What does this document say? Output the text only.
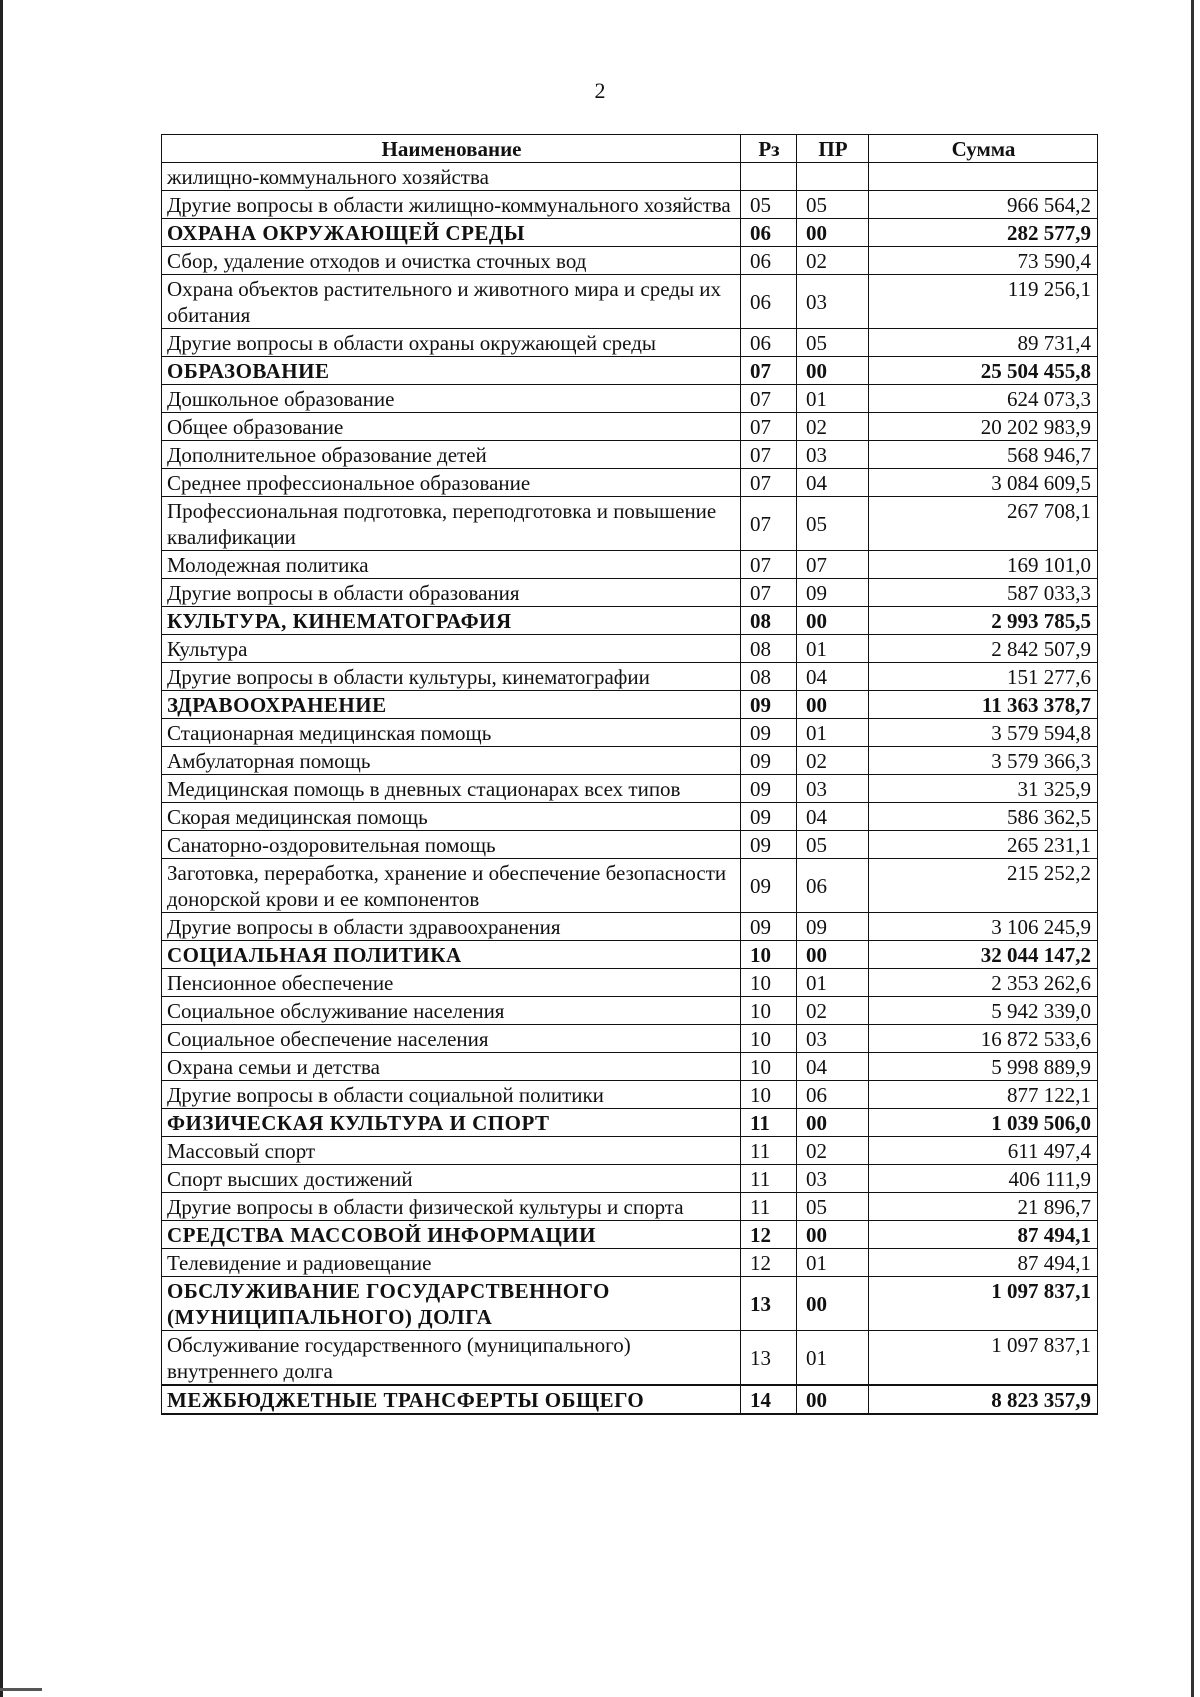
2
Наименование	Рз	ПР	Сумма
жилищно-коммунального хозяйства			
Другие вопросы в области жилищно-коммунального хозяйства	05	05	966 564,2
ОХРАНА ОКРУЖАЮЩЕЙ СРЕДЫ	06	00	282 577,9
Сбор, удаление отходов и очистка сточных вод	06	02	73 590,4
Охрана объектов растительного и животного мира и среды их обитания	06	03	119 256,1
Другие вопросы в области охраны окружающей среды	06	05	89 731,4
ОБРАЗОВАНИЕ	07	00	25 504 455,8
Дошкольное образование	07	01	624 073,3
Общее образование	07	02	20 202 983,9
Дополнительное образование детей	07	03	568 946,7
Среднее профессиональное образование	07	04	3 084 609,5
Профессиональная подготовка, переподготовка и повышение квалификации	07	05	267 708,1
Молодежная политика	07	07	169 101,0
Другие вопросы в области образования	07	09	587 033,3
КУЛЬТУРА, КИНЕМАТОГРАФИЯ	08	00	2 993 785,5
Культура	08	01	2 842 507,9
Другие вопросы в области культуры, кинематографии	08	04	151 277,6
ЗДРАВООХРАНЕНИЕ	09	00	11 363 378,7
Стационарная медицинская помощь	09	01	3 579 594,8
Амбулаторная помощь	09	02	3 579 366,3
Медицинская помощь в дневных стационарах всех типов	09	03	31 325,9
Скорая медицинская помощь	09	04	586 362,5
Санаторно-оздоровительная помощь	09	05	265 231,1
Заготовка, переработка, хранение и обеспечение безопасности донорской крови и ее компонентов	09	06	215 252,2
Другие вопросы в области здравоохранения	09	09	3 106 245,9
СОЦИАЛЬНАЯ ПОЛИТИКА	10	00	32 044 147,2
Пенсионное обеспечение	10	01	2 353 262,6
Социальное обслуживание населения	10	02	5 942 339,0
Социальное обеспечение населения	10	03	16 872 533,6
Охрана семьи и детства	10	04	5 998 889,9
Другие вопросы в области социальной политики	10	06	877 122,1
ФИЗИЧЕСКАЯ КУЛЬТУРА И СПОРТ	11	00	1 039 506,0
Массовый спорт	11	02	611 497,4
Спорт высших достижений	11	03	406 111,9
Другие вопросы в области физической культуры и спорта	11	05	21 896,7
СРЕДСТВА МАССОВОЙ ИНФОРМАЦИИ	12	00	87 494,1
Телевидение и радиовещание	12	01	87 494,1
ОБСЛУЖИВАНИЕ ГОСУДАРСТВЕННОГО (МУНИЦИПАЛЬНОГО) ДОЛГА	13	00	1 097 837,1
Обслуживание государственного (муниципального) внутреннего долга	13	01	1 097 837,1
МЕЖБЮДЖЕТНЫЕ ТРАНСФЕРТЫ ОБЩЕГО	14	00	8 823 357,9
